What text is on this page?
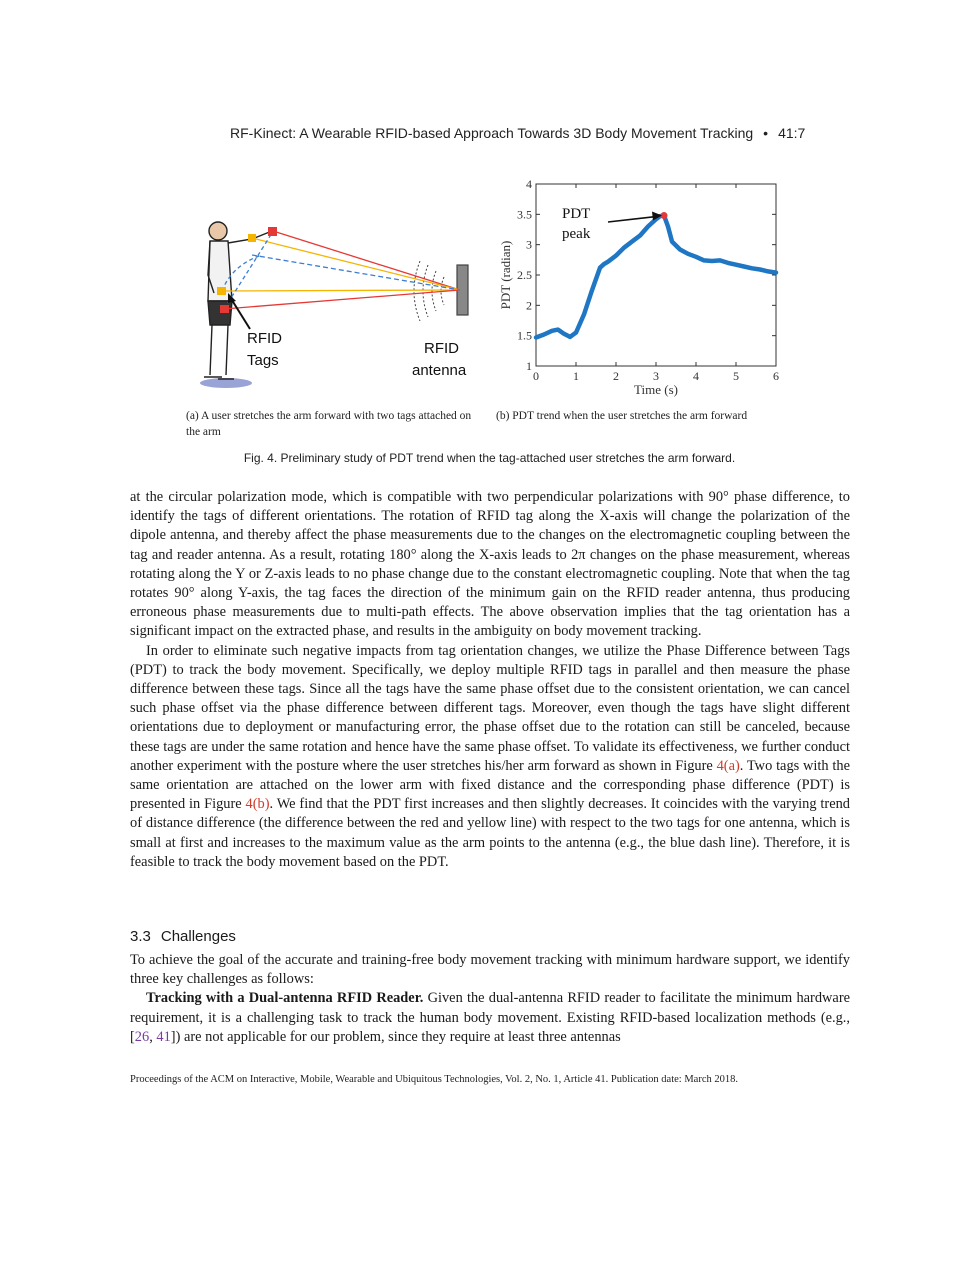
RF-Kinect: A Wearable RFID-based Approach Towards 3D Body Movement Tracking • 41:7
RFID
Tags
RFID
antenna	0	1	2	3	4	5	6
1
1.5
2
2.5
3
3.5
4
Time (s)
PDT (radian)
PDT
peak
(a) A user stretches the arm forward with two tags attached on the arm
(b) PDT trend when the user stretches the arm forward
Fig. 4. Preliminary study of PDT trend when the tag-attached user stretches the arm forward.

at the circular polarization mode, which is compatible with two perpendicular polarizations with 90° phase difference, to identify the tags of different orientations. The rotation of RFID tag along the X-axis will change the polarization of the dipole antenna, and thereby affect the phase measurements due to the changes on the electromagnetic coupling between the tag and reader antenna. As a result, rotating 180° along the X-axis leads to 2π changes on the phase measurement, whereas rotating along the Y or Z-axis leads to no phase change due to the constant electromagnetic coupling. Note that when the tag rotates 90° along Y-axis, the tag faces the direction of the minimum gain on the RFID reader antenna, thus producing erroneous phase measurements due to multi-path effects. The above observation implies that the tag orientation has a significant impact on the extracted phase, and results in the ambiguity on body movement tracking.

In order to eliminate such negative impacts from tag orientation changes, we utilize the Phase Difference between Tags (PDT) to track the body movement. Specifically, we deploy multiple RFID tags in parallel and then measure the phase difference between these tags. Since all the tags have the same phase offset due to the consistent orientation, we can cancel such phase offset via the phase difference between different tags. Moreover, even though the tags have slight different orientations due to deployment or manufacturing error, the phase offset due to the rotation can still be canceled, because these tags are under the same rotation and hence have the same phase offset. To validate its effectiveness, we further conduct another experiment with the posture where the user stretches his/her arm forward as shown in Figure 4(a). Two tags with the same orientation are attached on the lower arm with fixed distance and the corresponding phase difference (PDT) is presented in Figure 4(b). We find that the PDT first increases and then slightly decreases. It coincides with the varying trend of distance difference (the difference between the red and yellow line) with respect to the two tags for one antenna, which is small at first and increases to the maximum value as the arm points to the antenna (e.g., the blue dash line). Therefore, it is feasible to track the body movement based on the PDT.

3.3 Challenges

To achieve the goal of the accurate and training-free body movement tracking with minimum hardware support, we identify three key challenges as follows:

Tracking with a Dual-antenna RFID Reader. Given the dual-antenna RFID reader to facilitate the minimum hardware requirement, it is a challenging task to track the human body movement. Existing RFID-based localization methods (e.g., [26, 41]) are not applicable for our problem, since they require at least three antennas

Proceedings of the ACM on Interactive, Mobile, Wearable and Ubiquitous Technologies, Vol. 2, No. 1, Article 41. Publication date: March 2018.
